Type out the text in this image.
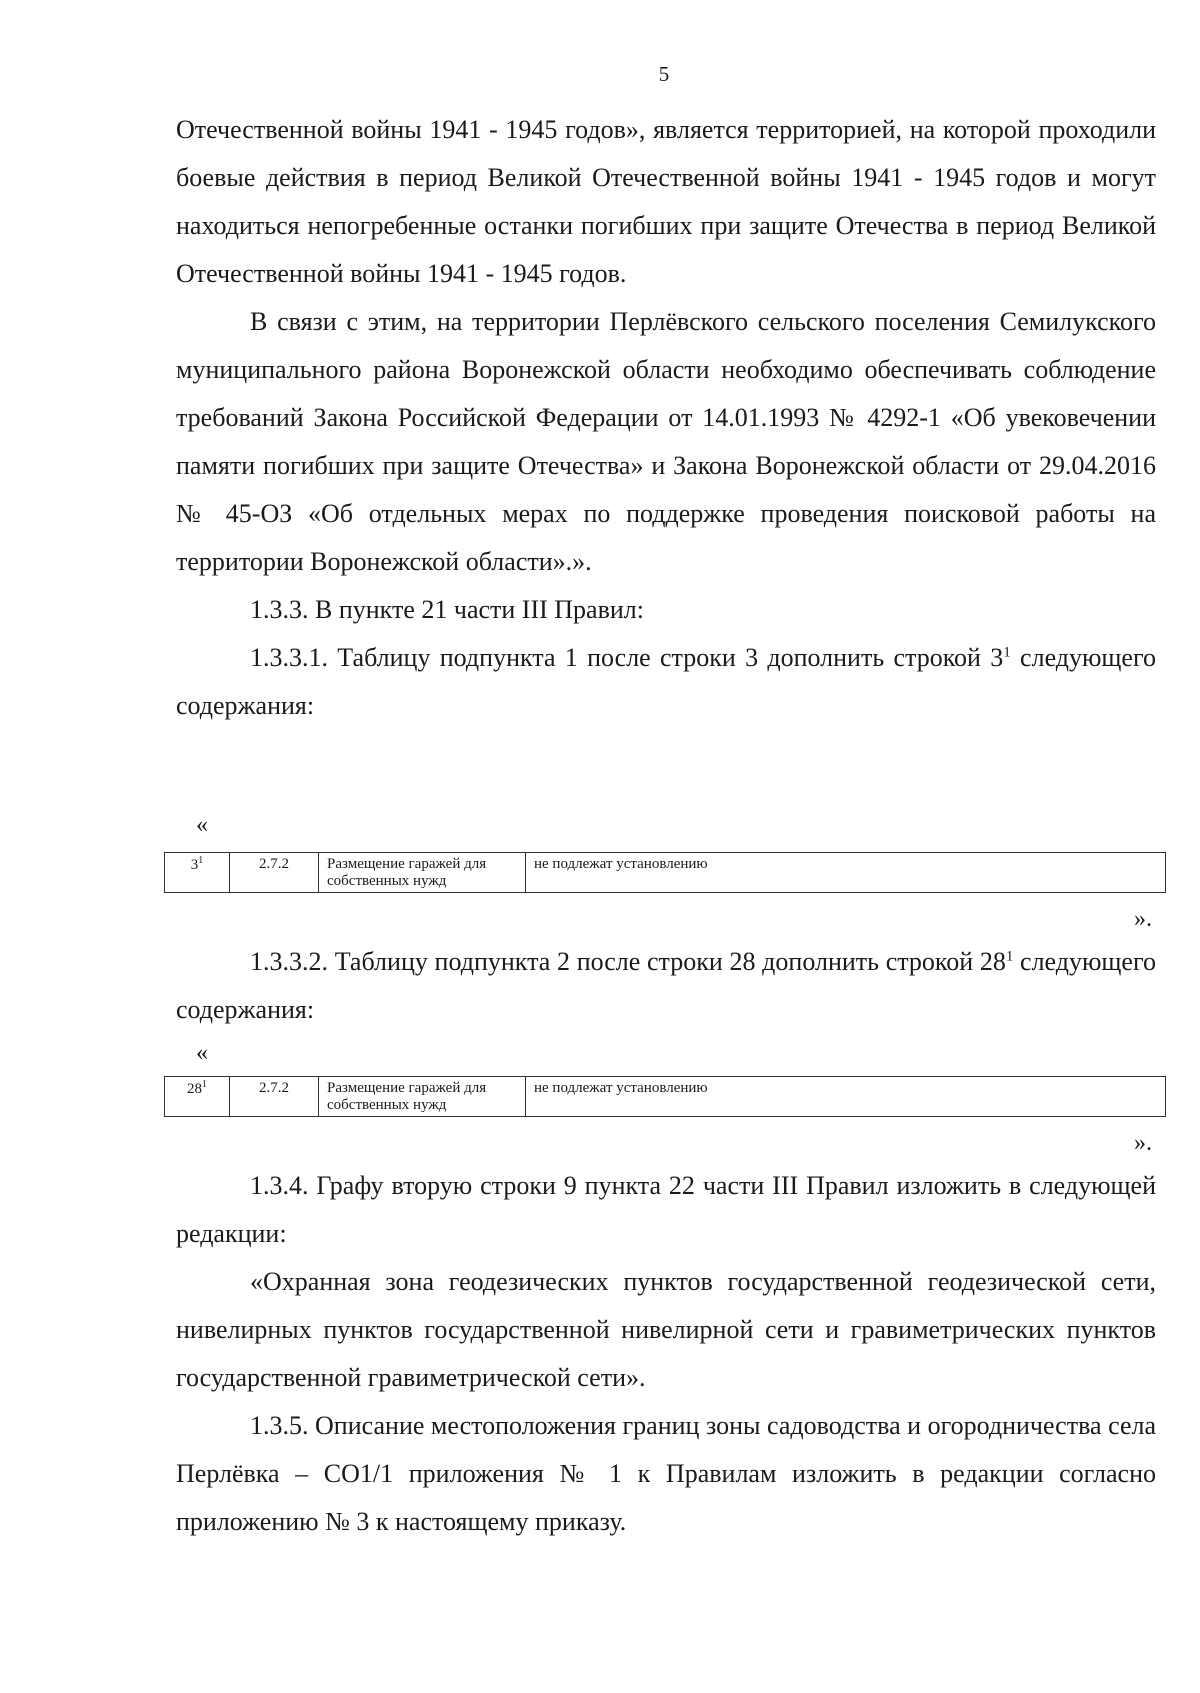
5

Отечественной войны 1941 - 1945 годов», является территорией, на которой проходили боевые действия в период Великой Отечественной войны 1941 - 1945 годов и могут находиться непогребенные останки погибших при защите Отечества в период Великой Отечественной войны 1941 - 1945 годов.

В связи с этим, на территории Перлёвского сельского поселения Семилукского муниципального района Воронежской области необходимо обеспечивать соблюдение требований Закона Российской Федерации от 14.01.1993 № 4292-1 «Об увековечении памяти погибших при защите Отечества» и Закона Воронежской области от 29.04.2016 № 45-ОЗ «Об отдельных мерах по поддержке проведения поисковой работы на территории Воронежской области».».

1.3.3. В пункте 21 части III Правил:

1.3.3.1. Таблицу подпункта 1 после строки 3 дополнить строкой $3^1$ следующего содержания:

«
$3^1$	2.7.2	Размещение гаражей для собственных нужд	не подлежат установлению
».

1.3.3.2. Таблицу подпункта 2 после строки 28 дополнить строкой $28^1$ следующего содержания:

«
$28^1$	2.7.2	Размещение гаражей для собственных нужд	не подлежат установлению
».

1.3.4. Графу вторую строки 9 пункта 22 части III Правил изложить в следующей редакции:

«Охранная зона геодезических пунктов государственной геодезической сети, нивелирных пунктов государственной нивелирной сети и гравиметрических пунктов государственной гравиметрической сети».

1.3.5. Описание местоположения границ зоны садоводства и огородничества села Перлёвка – СО1/1 приложения № 1 к Правилам изложить в редакции согласно приложению № 3 к настоящему приказу.
